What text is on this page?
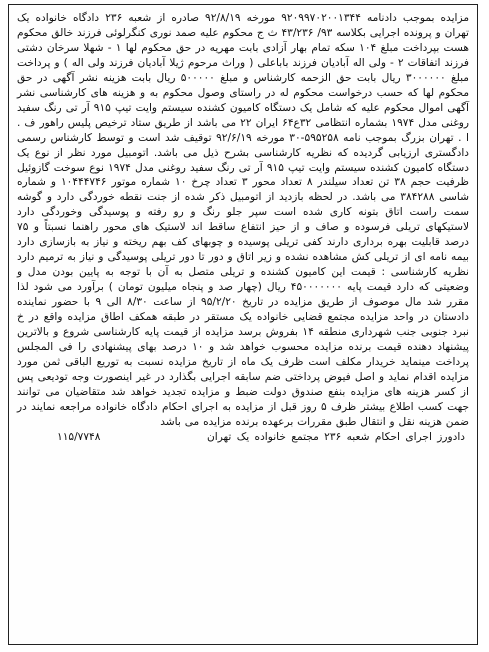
مزایده بموجب دادنامه ۹۲۰۹۹۷۰۲۰۰۱۳۴۴ مورخه ۹۲/۸/۱۹ صادره از شعبه ۲۳۶ دادگاه خانواده یک تهران و پرونده اجرایی بکلاسه ۹۳/ ۴۳/۲۳۶ ث ج محکوم علیه صمد نوری کنگرلوئی فرزند خالق محکوم هست بپرداخت مبلغ ۱۰۴ سکه تمام بهار آزادی بابت مهریه در حق محکوم لها ۱ - شهلا سرخان دشتی فرزند اتفاقات ۲ - ولی اله آبادیان فرزند باباعلی ( وراث مرحوم ژیلا آبادیان فرزند ولی اله ) و پرداخت مبلغ ۳۰۰۰۰۰۰ ریال بابت حق الزحمه کارشناس و مبلغ ۵۰۰۰۰۰ ریال بابت هزینه نشر آگهی در حق محکوم لها که حسب درخواست محکوم له در راستای وصول محکوم به و هزینه های کارشناسی نشر آگهی اموال محکوم علیه که شامل یک دستگاه کامیون کشنده سیستم وایت تیپ ۹۱۵ آر تی رنگ سفید روغنی مدل ۱۹۷۴ بشماره انتظامی ۳۲ع۶۴ ایران ۲۲ می باشد از طریق ستاد ترخیص پلیس راهور ف . ا . تهران بزرگ بموجب نامه ۵۹۵۲۵۸-۳۰ مورخه ۹۲/۶/۱۹ توقیف شد است و توسط کارشناس رسمی دادگستری ارزیابی گردیده که نظریه کارشناسی بشرح ذیل می باشد. اتومبیل مورد نظر از نوع یک دستگاه کامیون کشنده سیستم وایت تیپ ۹۱۵ آر تی رنگ سفید روغنی مدل ۱۹۷۴ نوع سوخت گازوئیل ظرفیت حجم ۳۸ تن تعداد سیلندر ۸ تعداد محور ۳ تعداد چرخ ۱۰ شماره موتور ۱۰۴۴۴۷۴۶ و شماره شاسی ۳۸۴۲۸۸ می باشد. در لحظه بازدید از اتومبیل ذکر شده از جنت نقطه خوردگی دارد و گوشه سمت راست اتاق بتونه کاری شده است سپر جلو رنگ و رو رفته و پوسیدگی وخوردگی دارد لاستیکهای تریلی فرسوده و صاف و از حیز انتفاع ساقط اند لاستیک های محور راهنما نسبتاً و ۷۵ درصد قابلیت بهره برداری دارند کفی تریلی پوسیده و چوبهای کف بهم ریخته و نیاز به بازسازی دارد بیمه نامه ای از تریلی کش مشاهده نشده و زیر اتاق و دور تا دور تریلی پوسیدگی و نیاز به ترمیم دارد نظریه کارشناسی : قیمت این کامیون کشنده و تریلی متصل به آن با توجه به پایین بودن مدل و وضعیتی که دارد قیمت پایه ۴۵۰۰۰۰۰۰۰ ریال (چهار صد و پنجاه میلیون تومان ) برآورد می شود لذا مقرر شد مال موصوف از طریق مزایده در تاریخ ۹۵/۲/۲۰ از ساعت ۸/۳۰ الی ۹ با حضور نماینده دادستان در واحد مزایده مجتمع قضایی خانواده یک مستقر در طبقه همکف اطاق مزایده واقع در خ نبرد جنوبی جنب شهرداری منطقه ۱۴ بفروش برسد مزایده از قیمت پایه کارشناسی شروع و بالاترین پیشنهاد دهنده قیمت برنده مزایده محسوب خواهد شد و ۱۰ درصد بهای پیشنهادی را فی المجلس پرداخت مینماید خریدار مکلف است ظرف یک ماه از تاریخ مزایده نسبت به توریع الباقی ثمن مورد مزایده اقدام نماید و اصل فیوض پرداختی ضم سابقه اجرایی بگذارد در غیر اینصورت وجه تودیعی پس از کسر هزینه های مزایده بنفع صندوق دولت ضبط و مزایده تجدید خواهد شد متقاضیان می توانند جهت کسب اطلاع بیشتر ظرف ۵ روز قبل از مزایده به اجرای احکام دادگاه خانواده مراجعه نمایند در ضمن هزینه نقل و انتقال طبق مقررات برعهده برنده مزایده می باشد

دادورز اجرای احکام شعبه ۲۳۶ مجتمع خانواده یک تهران
۱۱۵/۷۷۴۸
